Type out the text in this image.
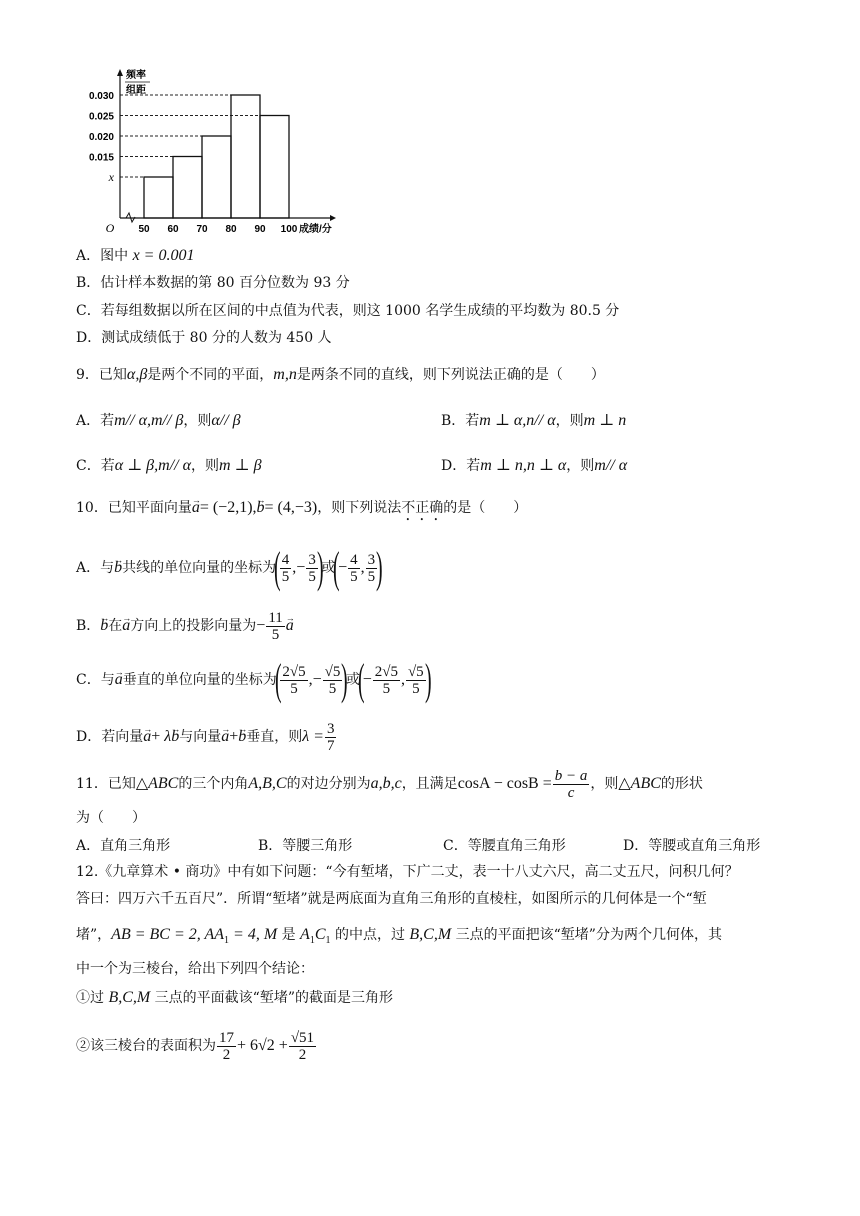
0.030
0.025
0.020
0.015
x
50 60 70 80 90 100 成绩/分
O
频率
组距
A．图中 x = 0.001
B．估计样本数据的第 80 百分位数为 93 分
C．若每组数据以所在区间的中点值为代表，则这 1000 名学生成绩的平均数为 80.5 分
D．测试成绩低于 80 分的人数为 450 人
9．已知α,β是两个不同的平面，m,n是两条不同的直线，则下列说法正确的是（　　）
A．若m// α,m// β，则α// β	B．若m ⊥ α,n// α，则m ⊥ n
C．若α ⊥ β,m// α，则m ⊥ β	D．若m ⊥ n,n ⊥ α，则m// α
10．已知平面向量→ a= (−2,1),→ b= (4,−3)，则下列说法不正确的是（　　）
A．与→ b共线的单位向量的坐标为( $\frac{4}{5}$ ,− $\frac{3}{5}$ )或(− $\frac{4}{5}$ , $\frac{3}{5}$ )
B．→ b在→ a方向上的投影向量为− $\frac{11}{5}$
→ a
C．与→ a垂直的单位向量的坐标为( $\frac{2√5}{5}$ ,− $\frac{√5}{5}$ )或(− $\frac{2√5}{5}$ , $\frac{√5}{5}$ )
D．若向量→ a+ λ→ b与向量→ a+→ b垂直，则$\lambda = \frac{3}{7}$
11．已知△ABC的三个内角A,B,C的对边分别为a,b,c，且满足$\cos A - \cos B = \frac{b - a}{c}$ ，则△ABC的形状
为（　　）
A．直角三角形	B．等腰三角形	C．等腰直角三角形	D．等腰或直角三角形
12.《九章算术 • 商功》中有如下问题：“今有堑堵，下广二丈，表一十八丈六尺，高二丈五尺，问积几何？
答曰：四万六千五百尺”．所谓“堑堵”就是两底面为直角三角形的直棱柱，如图所示的几何体是一个“堑
堵”，AB = BC = 2, $AA_1 = 4$, M 是 $A_1C_1$ 的中点，过 B,C,M 三点的平面把该“堑堵”分为两个几何体，其
中一个为三棱台，给出下列四个结论：
①过 B,C,M 三点的平面截该“堑堵”的截面是三角形
②该三棱台的表面积为 $\frac{17}{2} + 6√2 + \frac{√51}{2}$
